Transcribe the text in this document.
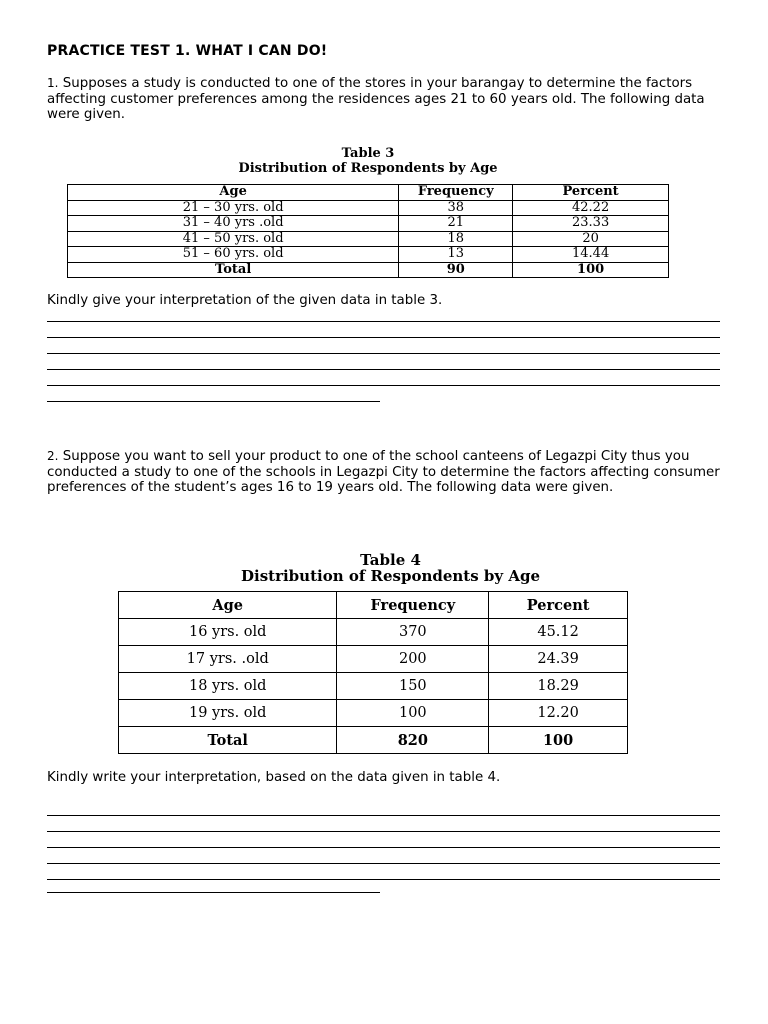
PRACTICE TEST 1. WHAT I CAN DO!
1. Supposes a study is conducted to one of the stores in your barangay to determine the factors affecting customer preferences among the residences ages 21 to 60 years old. The following data were given.
Table 3
Distribution of Respondents by Age
Age	Frequency	Percent
21 – 30 yrs. old	38	42.22
31 – 40 yrs .old	21	23.33
41 – 50 yrs. old	18	20
51 – 60 yrs. old	13	14.44
Total	90	100
Kindly give your interpretation of the given data in table 3.
2. Suppose you want to sell your product to one of the school canteens of Legazpi City thus you conducted a study to one of the schools in Legazpi City to determine the factors affecting consumer preferences of the student’s ages 16 to 19 years old. The following data were given.
Table 4
Distribution of Respondents by Age
Age	Frequency	Percent
16 yrs. old	370	45.12
17 yrs. .old	200	24.39
18 yrs. old	150	18.29
19 yrs. old	100	12.20
Total	820	100
Kindly write your interpretation, based on the data given in table 4.
